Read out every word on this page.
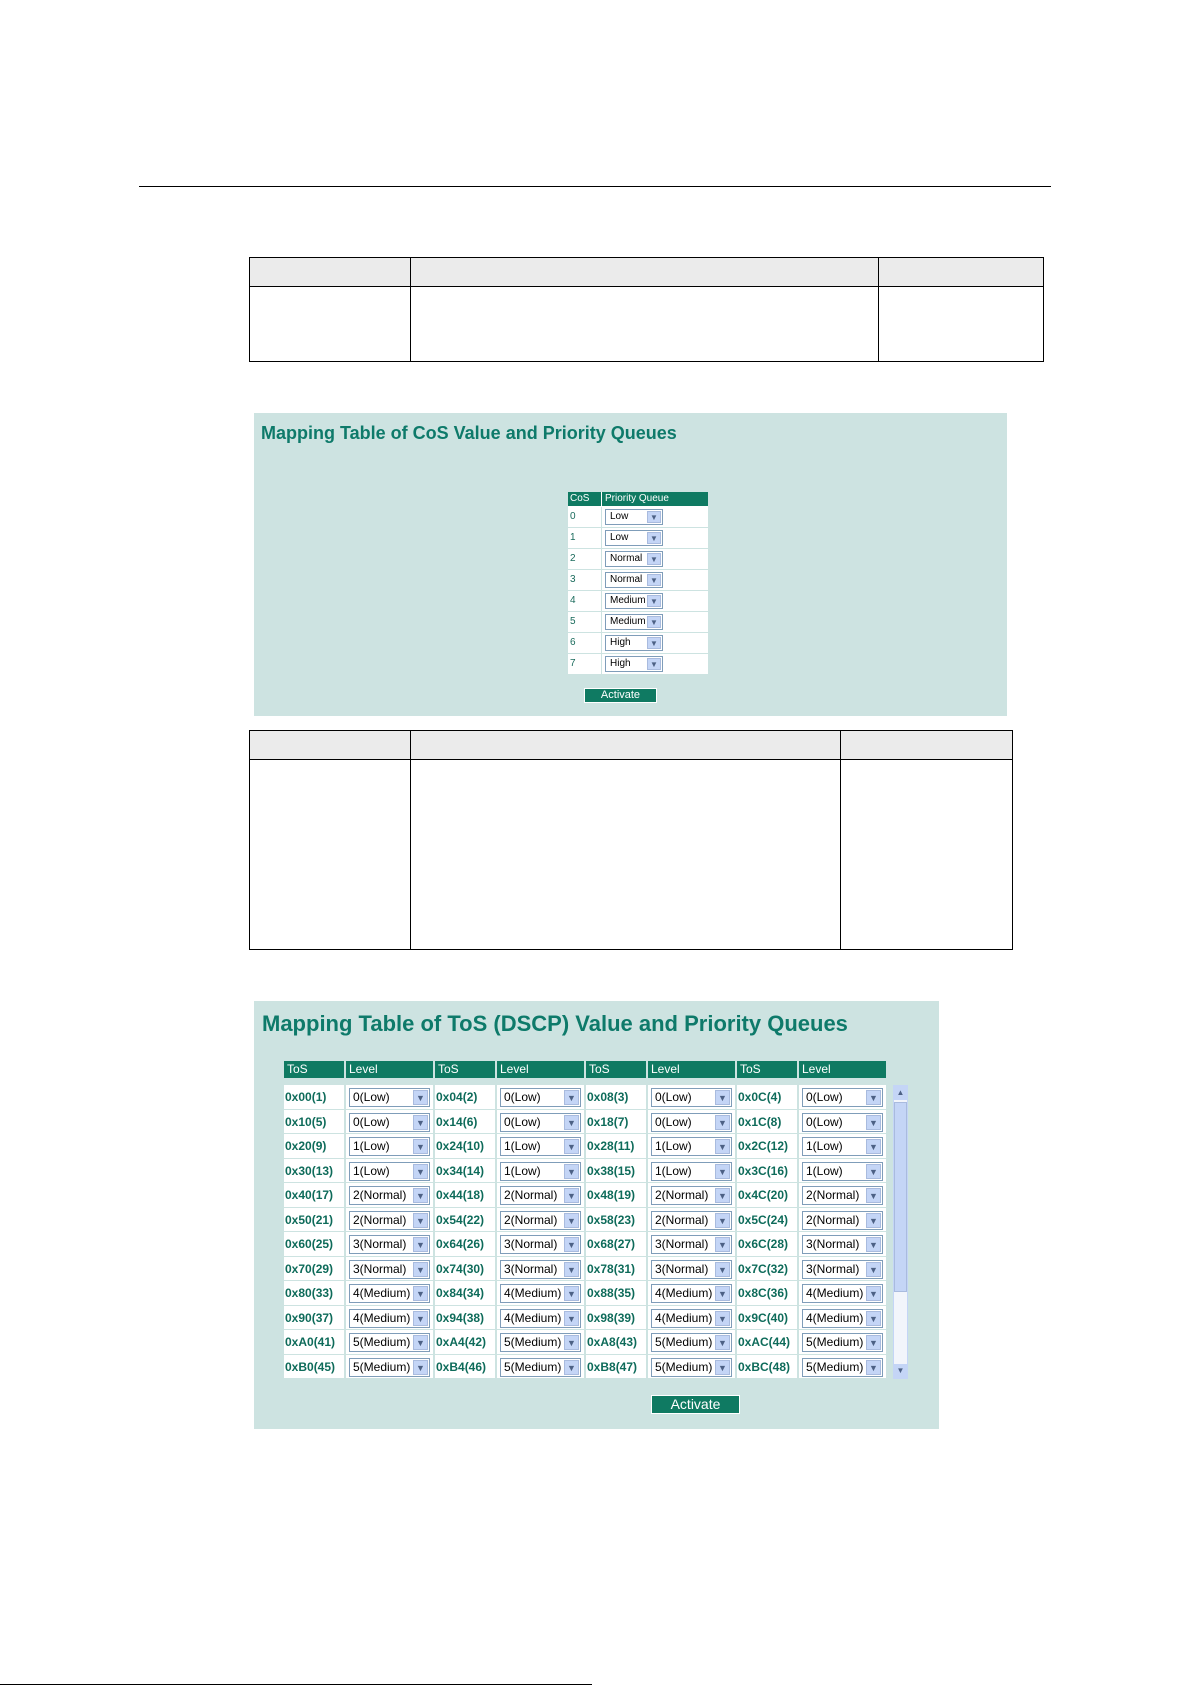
Mapping Table of CoS Value and Priority Queues
CoS	Priority Queue
0	Low	▼
1	Low	▼
2	Normal ▼
3	Normal ▼
4	Medium ▼
5	Medium ▼
6	High	▼
7	High	▼
Activate

Mapping Table of ToS (DSCP) Value and Priority Queues
ToS	Level	ToS	Level	ToS	Level	ToS	Level
0x00(1)	0(Low)	▼ 0x04(2)	0(Low)	▼ 0x08(3)	0(Low)	▼ 0x0C(4)	0(Low)	▼
0x10(5)	0(Low)	▼ 0x14(6)	0(Low)	▼ 0x18(7)	0(Low)	▼ 0x1C(8)	0(Low)	▼
0x20(9)	1(Low)	▼ 0x24(10)	1(Low)	▼ 0x28(11)	1(Low)	▼ 0x2C(12)	1(Low)	▼
0x30(13)	1(Low)	▼ 0x34(14)	1(Low)	▼ 0x38(15)	1(Low)	▼ 0x3C(16)	1(Low)	▼
0x40(17)	2(Normal)	▼ 0x44(18)	2(Normal)	▼ 0x48(19)	2(Normal)	▼ 0x4C(20)	2(Normal)	▼
0x50(21)	2(Normal)	▼ 0x54(22)	2(Normal)	▼ 0x58(23)	2(Normal)	▼ 0x5C(24)	2(Normal)	▼
0x60(25)	3(Normal)	▼ 0x64(26)	3(Normal)	▼ 0x68(27)	3(Normal)	▼ 0x6C(28)	3(Normal)	▼
0x70(29)	3(Normal)	▼ 0x74(30)	3(Normal)	▼ 0x78(31)	3(Normal)	▼ 0x7C(32)	3(Normal)	▼
0x80(33)	4(Medium) ▼ 0x84(34)	4(Medium) ▼ 0x88(35)	4(Medium) ▼ 0x8C(36)	4(Medium) ▼
0x90(37)	4(Medium) ▼ 0x94(38)	4(Medium) ▼ 0x98(39)	4(Medium) ▼ 0x9C(40)	4(Medium) ▼
0xA0(41)	5(Medium) ▼ 0xA4(42)	5(Medium) ▼ 0xA8(43)	5(Medium) ▼ 0xAC(44)	5(Medium) ▼
0xB0(45)	5(Medium) ▼ 0xB4(46)	5(Medium) ▼ 0xB8(47)	5(Medium) ▼ 0xBC(48)	5(Medium) ▼
▲
▼
Activate
